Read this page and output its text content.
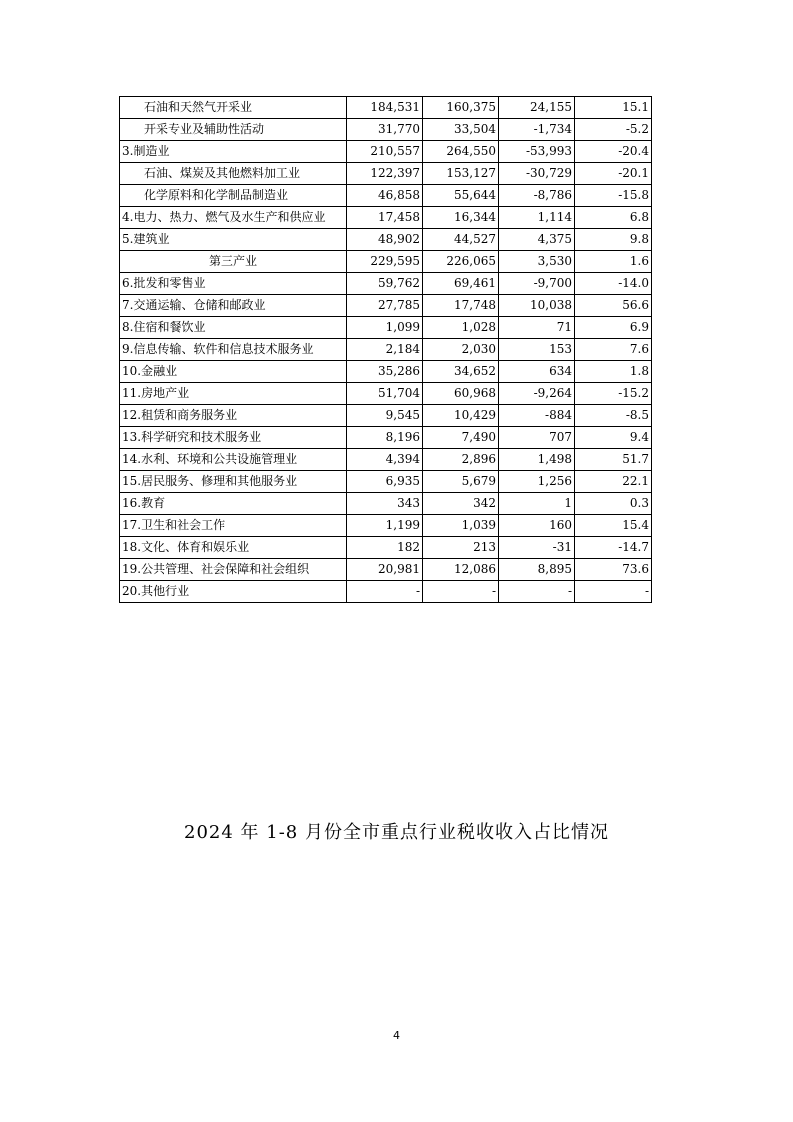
石油和天然气开采业	184,531	160,375	24,155	15.1
开采专业及辅助性活动	31,770	33,504	-1,734	-5.2
3.制造业	210,557	264,550	-53,993	-20.4
石油、煤炭及其他燃料加工业	122,397	153,127	-30,729	-20.1
化学原料和化学制品制造业	46,858	55,644	-8,786	-15.8
4.电力、热力、燃气及水生产和供应业	17,458	16,344	1,114	6.8
5.建筑业	48,902	44,527	4,375	9.8
第三产业	229,595	226,065	3,530	1.6
6.批发和零售业	59,762	69,461	-9,700	-14.0
7.交通运输、仓储和邮政业	27,785	17,748	10,038	56.6
8.住宿和餐饮业	1,099	1,028	71	6.9
9.信息传输、软件和信息技术服务业	2,184	2,030	153	7.6
10.金融业	35,286	34,652	634	1.8
11.房地产业	51,704	60,968	-9,264	-15.2
12.租赁和商务服务业	9,545	10,429	-884	-8.5
13.科学研究和技术服务业	8,196	7,490	707	9.4
14.水利、环境和公共设施管理业	4,394	2,896	1,498	51.7
15.居民服务、修理和其他服务业	6,935	5,679	1,256	22.1
16.教育	343	342	1	0.3
17.卫生和社会工作	1,199	1,039	160	15.4
18.文化、体育和娱乐业	182	213	-31	-14.7
19.公共管理、社会保障和社会组织	20,981	12,086	8,895	73.6
20.其他行业	-	-	-	-
2024 年 1-8 月份全市重点行业税收收入占比情况
4
